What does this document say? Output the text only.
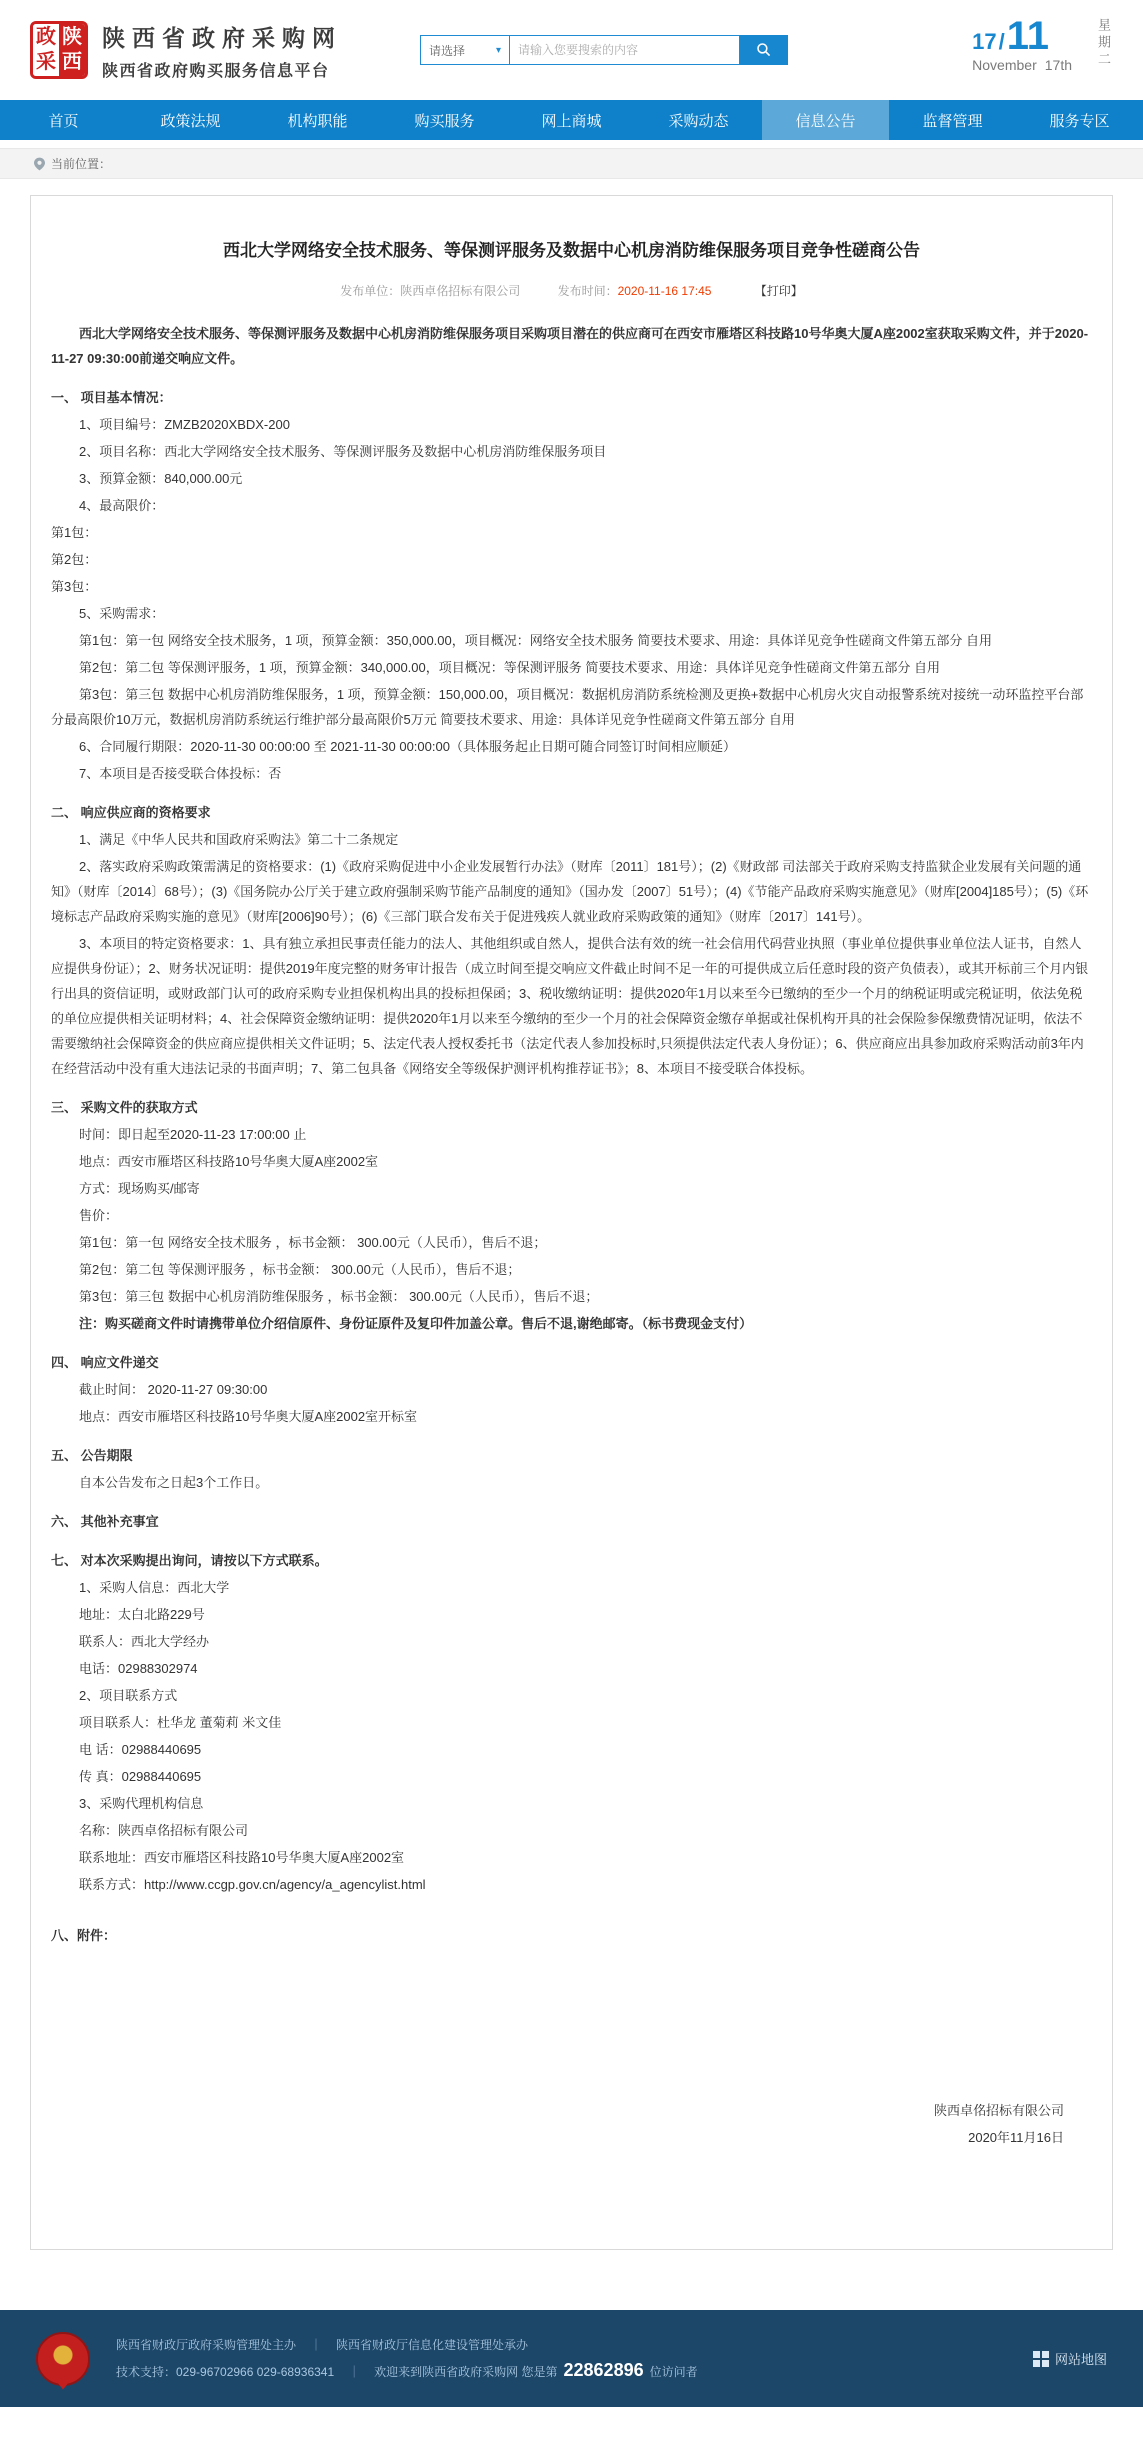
政
采
陕
西
陕西省政府采购网
陕西省政府购买服务信息平台
请选择	▾
请输入您要搜索的内容	17/11
November 17th	星期二
首页	政策法规	机构职能	购买服务	网上商城	采购动态	信息公告	监督管理	服务专区
当前位置：
西北大学网络安全技术服务、等保测评服务及数据中心机房消防维保服务项目竞争性磋商公告
发布单位：陕西卓佲招标有限公司	发布时间：2020-11-16 17:45	【打印】

西北大学网络安全技术服务、等保测评服务及数据中心机房消防维保服务项目采购项目潜在的供应商可在西安市雁塔区科技路10号华奥大厦A座2002室获取采购文件，并于2020-11-27 09:30:00前递交响应文件。

一、 项目基本情况：

1、项目编号：ZMZB2020XBDX-200

2、项目名称：西北大学网络安全技术服务、等保测评服务及数据中心机房消防维保服务项目

3、预算金额：840,000.00元

4、最高限价：

第1包：

第2包：

第3包：

5、采购需求：

第1包：第一包 网络安全技术服务，1 项，预算金额：350,000.00，项目概况：网络安全技术服务 简要技术要求、用途：具体详见竞争性磋商文件第五部分 自用

第2包：第二包 等保测评服务，1 项，预算金额：340,000.00，项目概况：等保测评服务 简要技术要求、用途：具体详见竞争性磋商文件第五部分 自用

第3包：第三包 数据中心机房消防维保服务，1 项，预算金额：150,000.00，项目概况：数据机房消防系统检测及更换+数据中心机房火灾自动报警系统对接统一动环监控平台部分最高限价10万元，数据机房消防系统运行维护部分最高限价5万元 简要技术要求、用途：具体详见竞争性磋商文件第五部分 自用

6、合同履行期限：2020-11-30 00:00:00 至 2021-11-30 00:00:00（具体服务起止日期可随合同签订时间相应顺延）

7、本项目是否接受联合体投标：否

二、 响应供应商的资格要求

1、满足《中华人民共和国政府采购法》第二十二条规定

2、落实政府采购政策需满足的资格要求：(1)《政府采购促进中小企业发展暂行办法》（财库〔2011〕181号）；(2)《财政部 司法部关于政府采购支持监狱企业发展有关问题的通知》（财库〔2014〕68号）；(3)《国务院办公厅关于建立政府强制采购节能产品制度的通知》（国办发〔2007〕51号）；(4)《节能产品政府采购实施意见》（财库[2004]185号）；(5)《环境标志产品政府采购实施的意见》（财库[2006]90号）；(6)《三部门联合发布关于促进残疾人就业政府采购政策的通知》（财库〔2017〕141号）。

3、本项目的特定资格要求：1、具有独立承担民事责任能力的法人、其他组织或自然人，提供合法有效的统一社会信用代码营业执照（事业单位提供事业单位法人证书，自然人应提供身份证）；2、财务状况证明：提供2019年度完整的财务审计报告（成立时间至提交响应文件截止时间不足一年的可提供成立后任意时段的资产负债表），或其开标前三个月内银行出具的资信证明，或财政部门认可的政府采购专业担保机构出具的投标担保函；3、税收缴纳证明：提供2020年1月以来至今已缴纳的至少一个月的纳税证明或完税证明，依法免税的单位应提供相关证明材料；4、社会保障资金缴纳证明：提供2020年1月以来至今缴纳的至少一个月的社会保障资金缴存单据或社保机构开具的社会保险参保缴费情况证明，依法不需要缴纳社会保障资金的供应商应提供相关文件证明；5、法定代表人授权委托书（法定代表人参加投标时,只须提供法定代表人身份证）；6、供应商应出具参加政府采购活动前3年内在经营活动中没有重大违法记录的书面声明；7、第二包具备《网络安全等级保护测评机构推荐证书》；8、本项目不接受联合体投标。

三、 采购文件的获取方式

时间：即日起至2020-11-23 17:00:00 止

地点：西安市雁塔区科技路10号华奥大厦A座2002室

方式：现场购买/邮寄

售价：

第1包：第一包 网络安全技术服务 ，标书金额： 300.00元（人民币），售后不退；

第2包：第二包 等保测评服务 ，标书金额： 300.00元（人民币），售后不退；

第3包：第三包 数据中心机房消防维保服务 ，标书金额： 300.00元（人民币），售后不退；

注：购买磋商文件时请携带单位介绍信原件、身份证原件及复印件加盖公章。售后不退,谢绝邮寄。（标书费现金支付）

四、 响应文件递交

截止时间： 2020-11-27 09:30:00

地点：西安市雁塔区科技路10号华奥大厦A座2002室开标室

五、 公告期限

自本公告发布之日起3个工作日。

六、 其他补充事宜

七、 对本次采购提出询问，请按以下方式联系。

1、采购人信息：西北大学

地址：太白北路229号

联系人：西北大学经办

电话：02988302974

2、项目联系方式

项目联系人：杜华龙 董菊莉 米文佳

电 话：02988440695

传 真：02988440695

3、采购代理机构信息

名称：陕西卓佲招标有限公司

联系地址：西安市雁塔区科技路10号华奥大厦A座2002室

联系方式：http://www.ccgp.gov.cn/agency/a_agencylist.html

八、附件：

陕西卓佲招标有限公司

2020年11月16日

陕西省财政厅政府采购管理处主办 ｜ 陕西省财政厅信息化建设管理处承办
技术支持：029-96702966 029-68936341 ｜ 欢迎来到陕西省政府采购网 您是第 22862896 位访问者
网站地图
